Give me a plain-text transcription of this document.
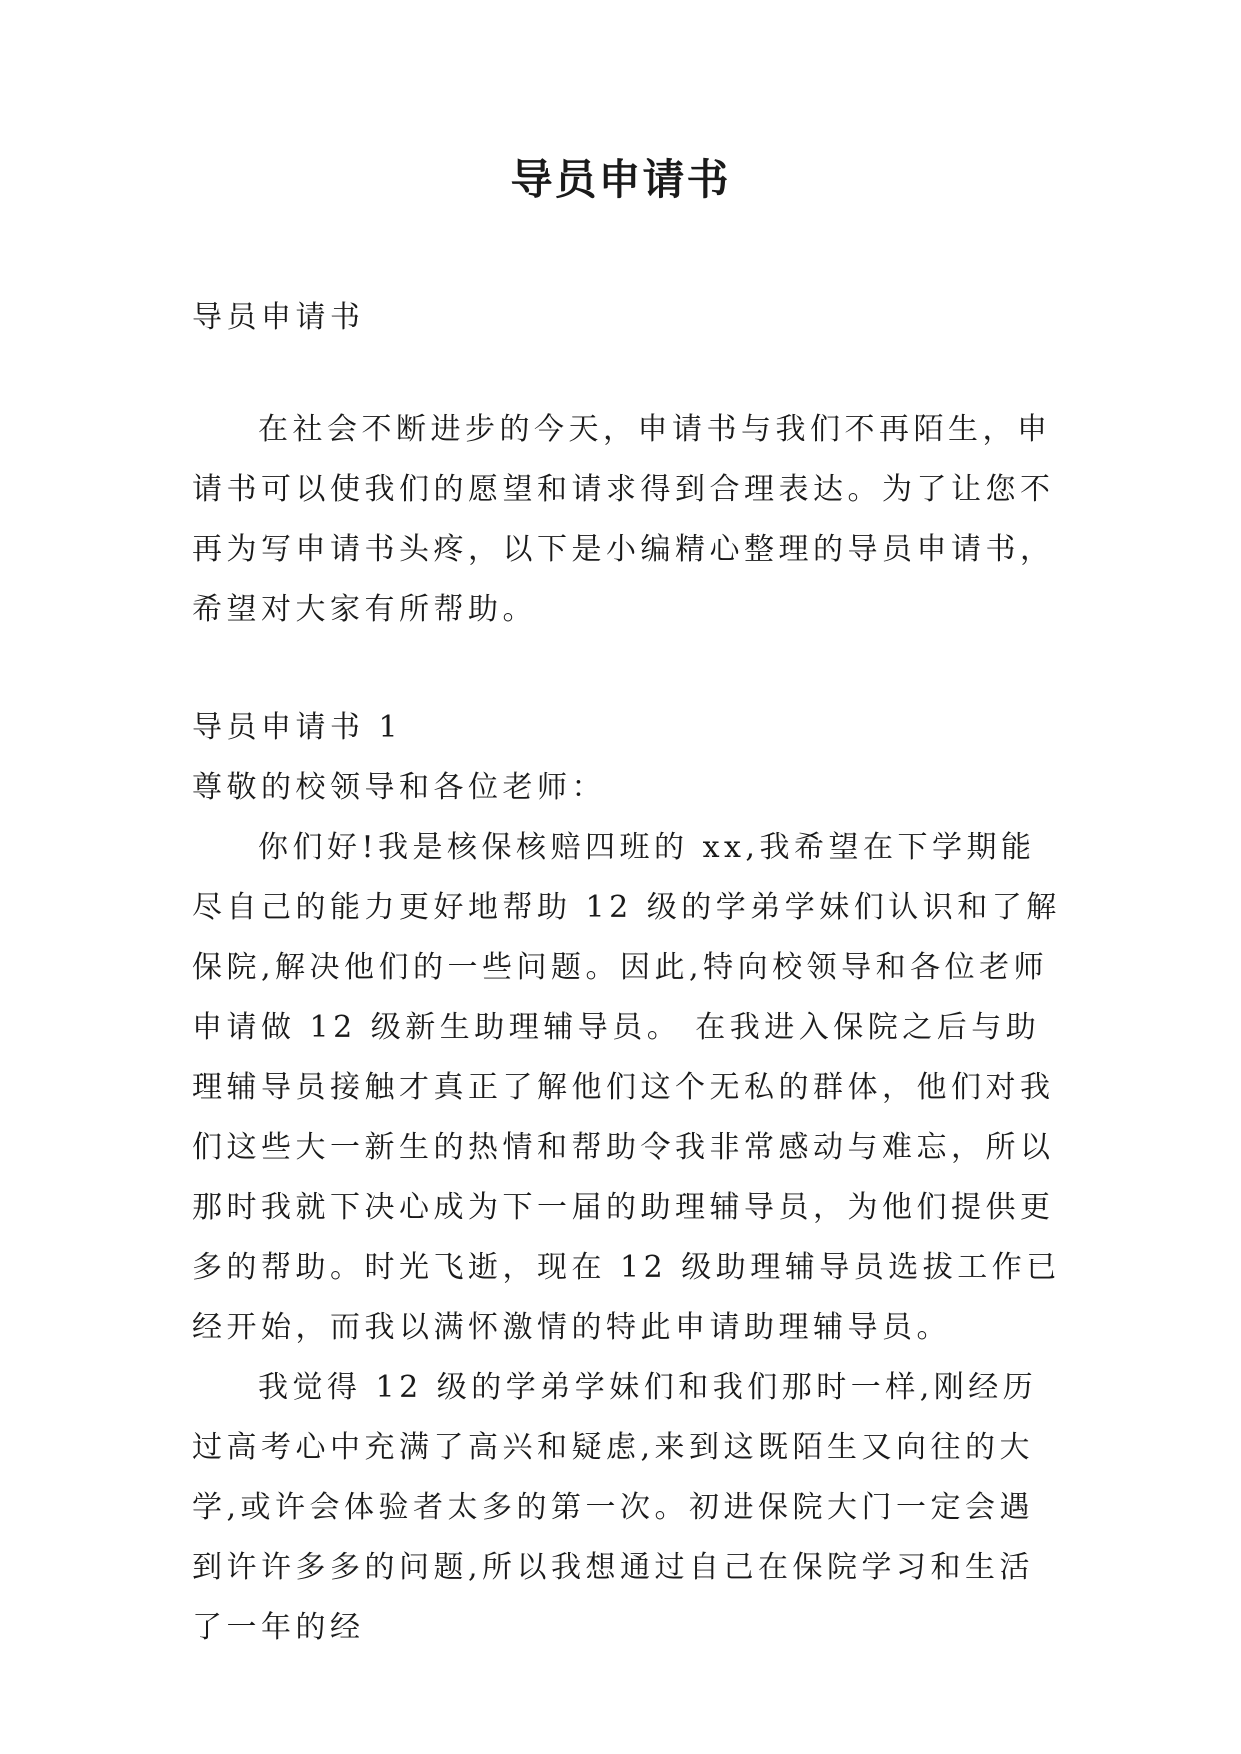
导员申请书

导员申请书

在社会不断进步的今天，申请书与我们不再陌生，申请书可以使我们的愿望和请求得到合理表达。为了让您不再为写申请书头疼，以下是小编精心整理的导员申请书，希望对大家有所帮助。

导员申请书 1

尊敬的校领导和各位老师：

你们好!我是核保核赔四班的 xx,我希望在下学期能尽自己的能力更好地帮助 12 级的学弟学妹们认识和了解保院,解决他们的一些问题。因此,特向校领导和各位老师申请做 12 级新生助理辅导员。 在我进入保院之后与助理辅导员接触才真正了解他们这个无私的群体，他们对我们这些大一新生的热情和帮助令我非常感动与难忘，所以那时我就下决心成为下一届的助理辅导员，为他们提供更多的帮助。时光飞逝，现在 12 级助理辅导员选拔工作已经开始，而我以满怀激情的特此申请助理辅导员。

我觉得 12 级的学弟学妹们和我们那时一样,刚经历过高考心中充满了高兴和疑虑,来到这既陌生又向往的大学,或许会体验者太多的第一次。初进保院大门一定会遇到许许多多的问题,所以我想通过自己在保院学习和生活了一年的经
